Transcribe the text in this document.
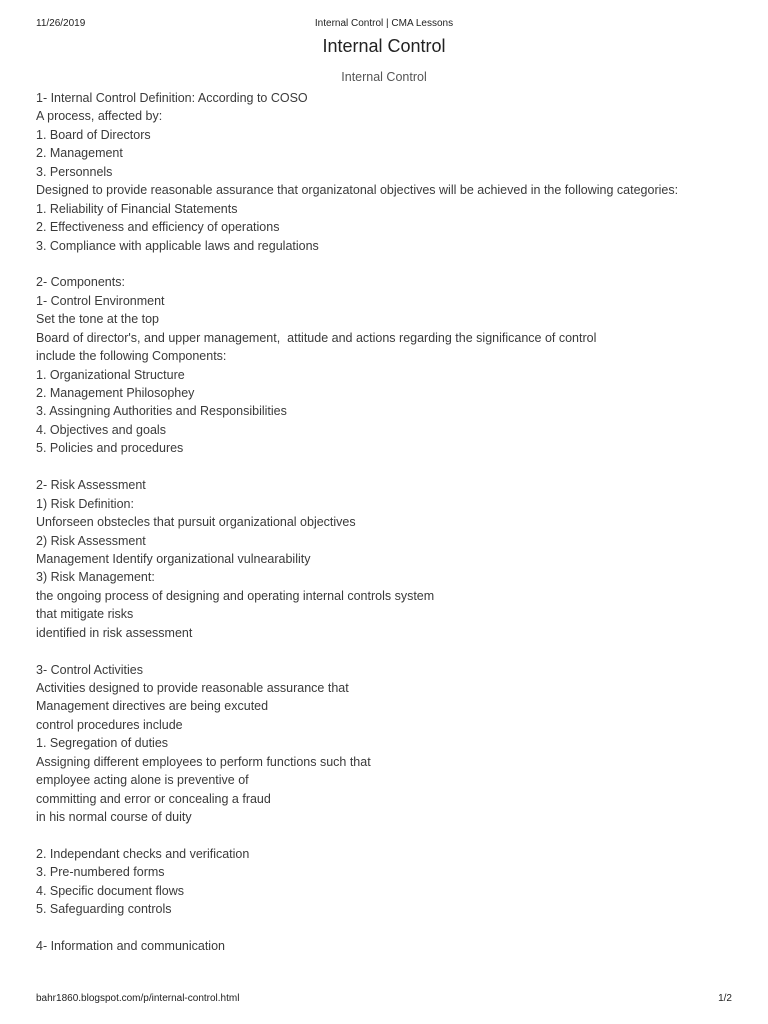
11/26/2019	Internal Control | CMA Lessons
Internal Control
Internal Control
1- Internal Control Definition: According to COSO
A process, affected by:
1. Board of Directors
2. Management
3. Personnels
Designed to provide reasonable assurance that organizatonal objectives will be achieved in the following categories:
1. Reliability of Financial Statements
2. Effectiveness and efficiency of operations
3. Compliance with applicable laws and regulations
2- Components:
1- Control Environment
Set the tone at the top
Board of director's, and upper management,  attitude and actions regarding the significance of control
include the following Components:
1. Organizational Structure
2. Management Philosophey
3. Assingning Authorities and Responsibilities
4. Objectives and goals
5. Policies and procedures
2- Risk Assessment
1) Risk Definition:
Unforseen obstecles that pursuit organizational objectives
2) Risk Assessment
Management Identify organizational vulnearability
3) Risk Management:
the ongoing process of designing and operating internal controls system
that mitigate risks
identified in risk assessment
3- Control Activities
Activities designed to provide reasonable assurance that
Management directives are being excuted
control procedures include
1. Segregation of duties
Assigning different employees to perform functions such that
employee acting alone is preventive of
committing and error or concealing a fraud
in his normal course of duity
2. Independant checks and verification
3. Pre-numbered forms
4. Specific document flows
5. Safeguarding controls
4- Information and communication
bahr1860.blogspot.com/p/internal-control.html	1/2
